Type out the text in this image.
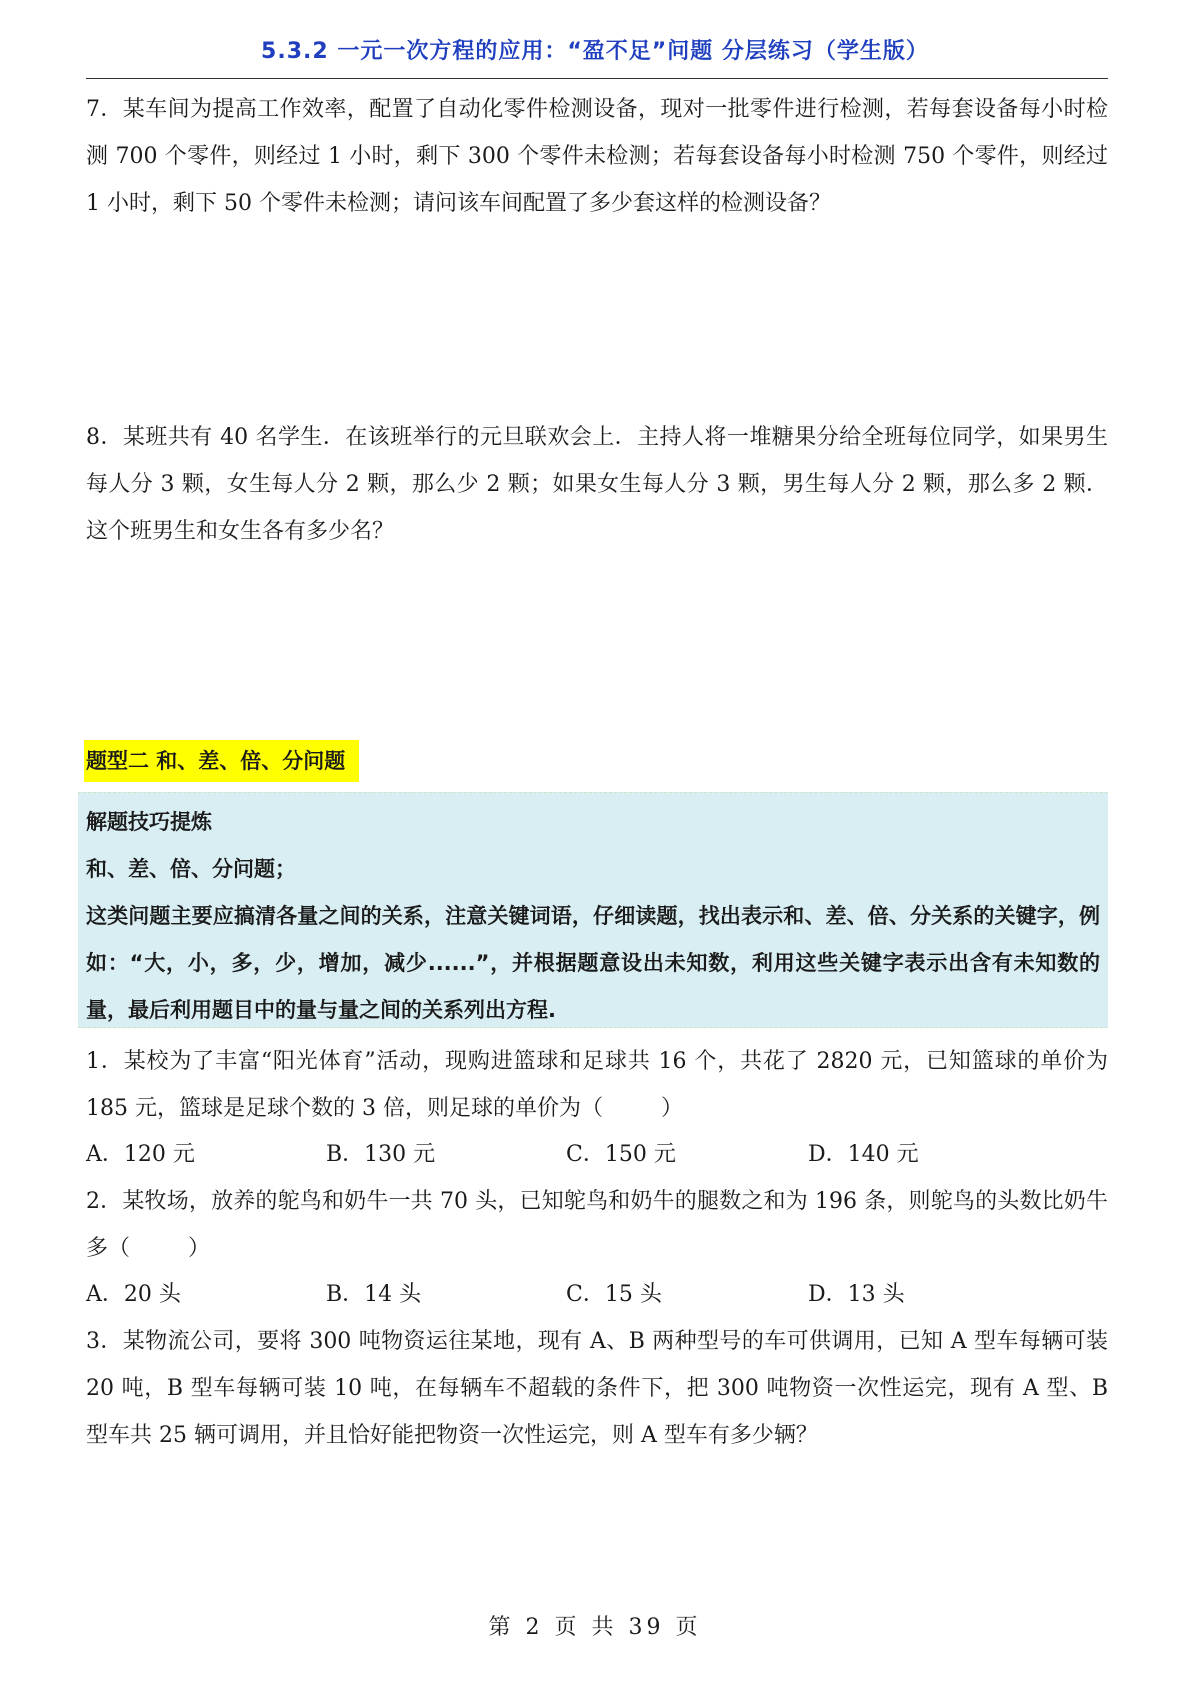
5.3.2 一元一次方程的应用：“盈不足”问题 分层练习（学生版）

7．某车间为提高工作效率，配置了自动化零件检测设备，现对一批零件进行检测，若每套设备每小时检测 700 个零件，则经过 1 小时，剩下 300 个零件未检测；若每套设备每小时检测 750 个零件，则经过 1 小时，剩下 50 个零件未检测；请问该车间配置了多少套这样的检测设备？

8．某班共有 40 名学生．在该班举行的元旦联欢会上．主持人将一堆糖果分给全班每位同学，如果男生每人分 3 颗，女生每人分 2 颗，那么少 2 颗；如果女生每人分 3 颗，男生每人分 2 颗，那么多 2 颗．这个班男生和女生各有多少名？

题型二 和、差、倍、分问题

解题技巧提炼

和、差、倍、分问题；

这类问题主要应搞清各量之间的关系，注意关键词语，仔细读题，找出表示和、差、倍、分关系的关键字，例如：“大，小，多，少，增加，减少......”，并根据题意设出未知数，利用这些关键字表示出含有未知数的量，最后利用题目中的量与量之间的关系列出方程.

1．某校为了丰富“阳光体育”活动，现购进篮球和足球共 16 个，共花了 2820 元，已知篮球的单价为 185 元，篮球是足球个数的 3 倍，则足球的单价为（	）

A．120 元	B．130 元	C．150 元	D．140 元

2．某牧场，放养的鸵鸟和奶牛一共 70 头，已知鸵鸟和奶牛的腿数之和为 196 条，则鸵鸟的头数比奶牛多（	）

A．20 头	B．14 头	C．15 头	D．13 头

3．某物流公司，要将 300 吨物资运往某地，现有 A、B 两种型号的车可供调用，已知 A 型车每辆可装 20 吨，B 型车每辆可装 10 吨，在每辆车不超载的条件下，把 300 吨物资一次性运完，现有 A 型、B 型车共 25 辆可调用，并且恰好能把物资一次性运完，则 A 型车有多少辆？

第 2 页 共 39 页
